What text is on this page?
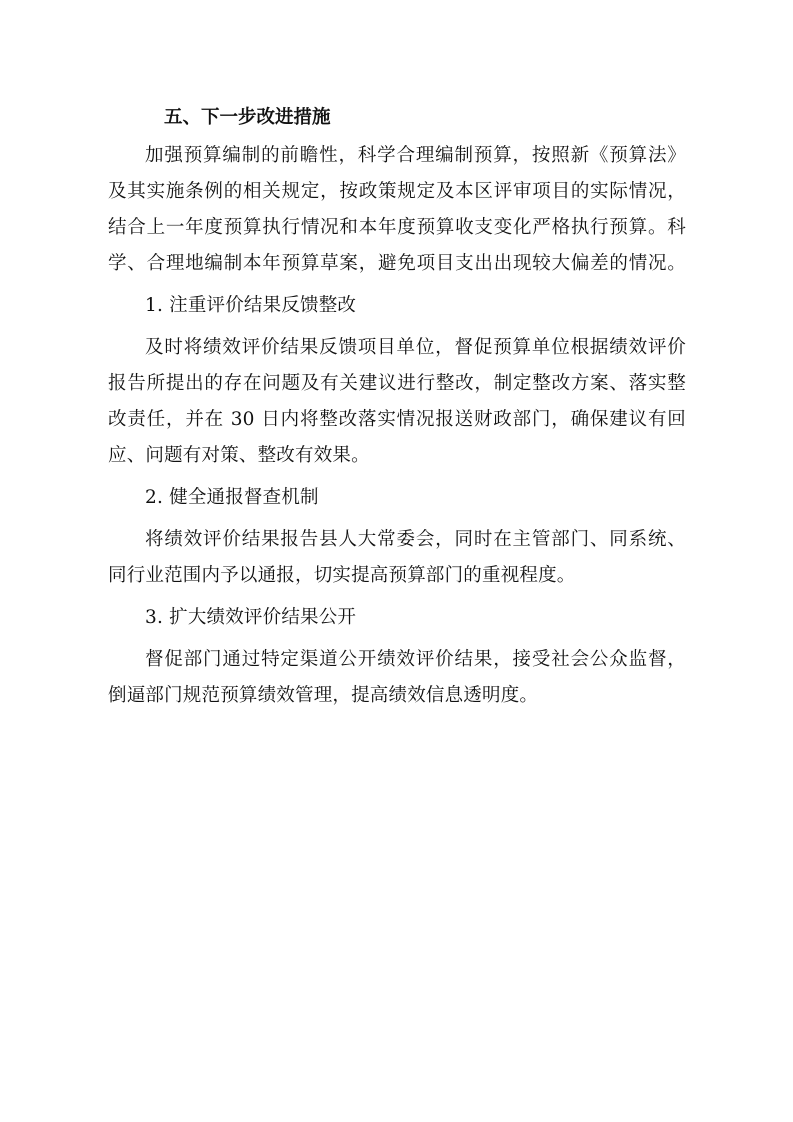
五、下一步改进措施
加强预算编制的前瞻性，科学合理编制预算，按照新《预算法》
及其实施条例的相关规定，按政策规定及本区评审项目的实际情况，
结合上一年度预算执行情况和本年度预算收支变化严格执行预算。科
学、合理地编制本年预算草案，避免项目支出出现较大偏差的情况。
1. 注重评价结果反馈整改
及时将绩效评价结果反馈项目单位，督促预算单位根据绩效评价
报告所提出的存在问题及有关建议进行整改，制定整改方案、落实整
改责任，并在 30 日内将整改落实情况报送财政部门，确保建议有回
应、问题有对策、整改有效果。
2. 健全通报督查机制
将绩效评价结果报告县人大常委会，同时在主管部门、同系统、
同行业范围内予以通报，切实提高预算部门的重视程度。
3. 扩大绩效评价结果公开
督促部门通过特定渠道公开绩效评价结果，接受社会公众监督，
倒逼部门规范预算绩效管理，提高绩效信息透明度。
